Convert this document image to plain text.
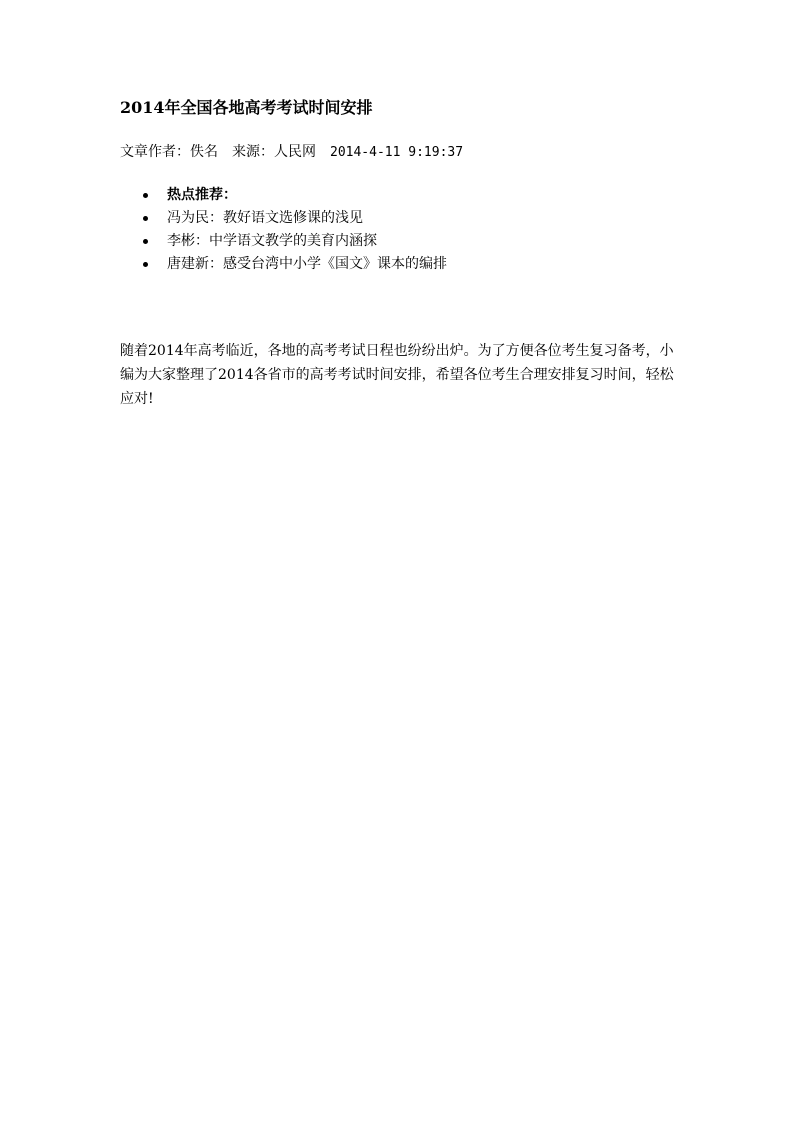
2014年全国各地高考考试时间安排
文章作者：佚名 来源：人民网 2014-4-11 9:19:37
热点推荐：
冯为民：教好语文选修课的浅见
李彬：中学语文教学的美育内涵探
唐建新：感受台湾中小学《国文》课本的编排

随着2014年高考临近，各地的高考考试日程也纷纷出炉。为了方便各位考生复习备考，小编为大家整理了2014各省市的高考考试时间安排，希望各位考生合理安排复习时间，轻松应对!
